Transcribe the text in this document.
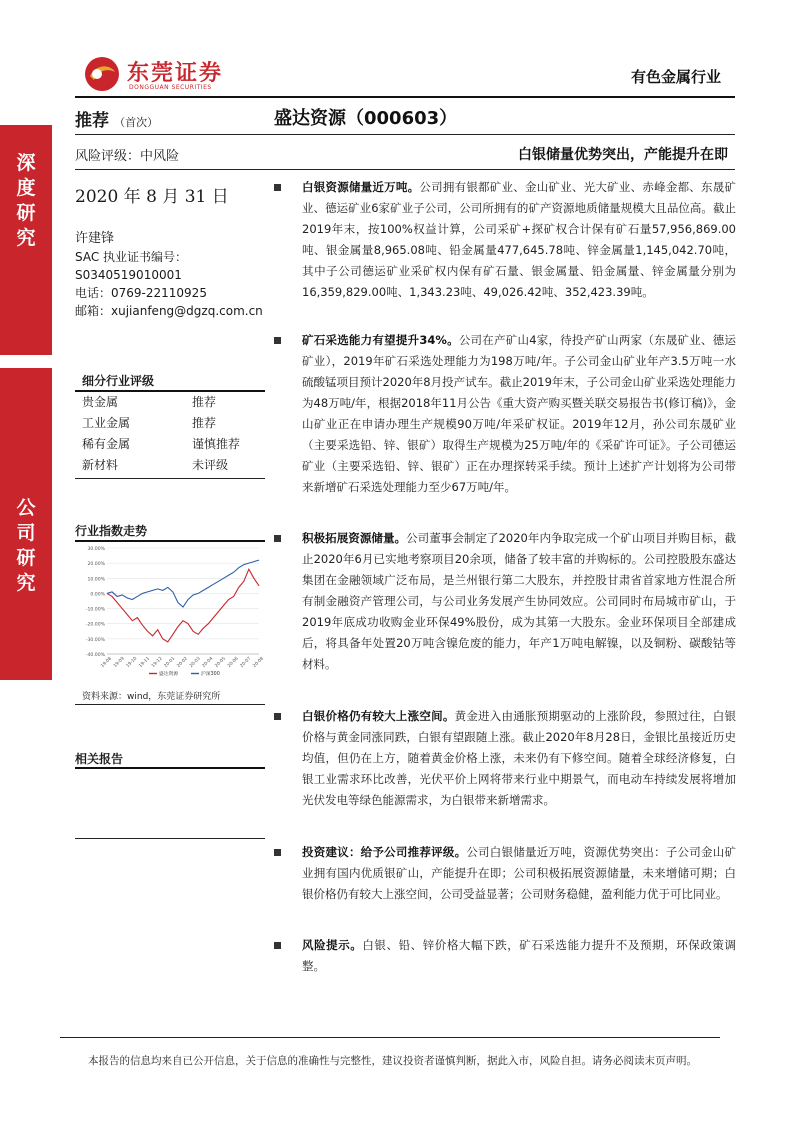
东莞证券
DONGGUAN SECURITIES
有色金属行业
深
度
研
究
公
司
研
究
推荐 （首次）	盛达资源（000603）
风险评级：中风险	白银储量优势突出，产能提升在即
2020 年 8 月 31 日
许建锋
SAC 执业证书编号：
S0340519010001
电话：0769-22110925
邮箱：xujianfeng@dgzq.com.cn
细分行业评级
贵金属	推荐
工业金属	推荐
稀有金属	谨慎推荐
新材料	未评级
行业指数走势
30.00%
20.00%
10.00%
0.00%
-10.00%
-20.00%
-30.00%
-40.00%
19-08 19-09 19-10 19-11 19-12 20-01 20-02 20-03 20-04 20-05 20-06 20-07 20-08
盛达资源	沪深300
资料来源：wind，东莞证券研究所
相关报告
白银资源储量近万吨。公司拥有银都矿业、金山矿业、光大矿业、赤峰金都、东晟矿业、德运矿业6家矿业子公司，公司所拥有的矿产资源地质储量规模大且品位高。截止2019年末，按100%权益计算，公司采矿+探矿权合计保有矿石量57,956,869.00吨、银金属量8,965.08吨、铅金属量477,645.78吨、锌金属量1,145,042.70吨，其中子公司德运矿业采矿权内保有矿石量、银金属量、铅金属量、锌金属量分别为16,359,829.00吨、1,343.23吨、49,026.42吨、352,423.39吨。
矿石采选能力有望提升34%。公司在产矿山4家，待投产矿山两家（东晟矿业、德运矿业），2019年矿石采选处理能力为198万吨/年。子公司金山矿业年产3.5万吨一水硫酸锰项目预计2020年8月投产试车。截止2019年末，子公司金山矿业采选处理能力为48万吨/年，根据2018年11月公告《重大资产购买暨关联交易报告书(修订稿)》，金山矿业正在申请办理生产规模90万吨/年采矿权证。2019年12月，孙公司东晟矿业（主要采选铅、锌、银矿）取得生产规模为25万吨/年的《采矿许可证》。子公司德运矿业（主要采选铅、锌、银矿）正在办理探转采手续。预计上述扩产计划将为公司带来新增矿石采选处理能力至少67万吨/年。
积极拓展资源储量。公司董事会制定了2020年内争取完成一个矿山项目并购目标，截止2020年6月已实地考察项目20余项，储备了较丰富的并购标的。公司控股股东盛达集团在金融领域广泛布局，是兰州银行第二大股东，并控股甘肃省首家地方性混合所有制金融资产管理公司，与公司业务发展产生协同效应。公司同时布局城市矿山，于2019年底成功收购金业环保49%股份，成为其第一大股东。金业环保项目全部建成后，将具备年处置20万吨含镍危废的能力，年产1万吨电解镍，以及铜粉、碳酸钴等材料。
白银价格仍有较大上涨空间。黄金进入由通胀预期驱动的上涨阶段，参照过往，白银价格与黄金同涨同跌，白银有望跟随上涨。截止2020年8月28日，金银比虽接近历史均值，但仍在上方，随着黄金价格上涨，未来仍有下修空间。随着全球经济修复，白银工业需求环比改善，光伏平价上网将带来行业中期景气，而电动车持续发展将增加光伏发电等绿色能源需求，为白银带来新增需求。
投资建议：给予公司推荐评级。公司白银储量近万吨，资源优势突出：子公司金山矿业拥有国内优质银矿山，产能提升在即；公司积极拓展资源储量，未来增储可期；白银价格仍有较大上涨空间，公司受益显著；公司财务稳健，盈利能力优于可比同业。
风险提示。白银、铅、锌价格大幅下跌，矿石采选能力提升不及预期，环保政策调整。
本报告的信息均来自已公开信息，关于信息的准确性与完整性，建议投资者谨慎判断，据此入市，风险自担。请务必阅读末页声明。
